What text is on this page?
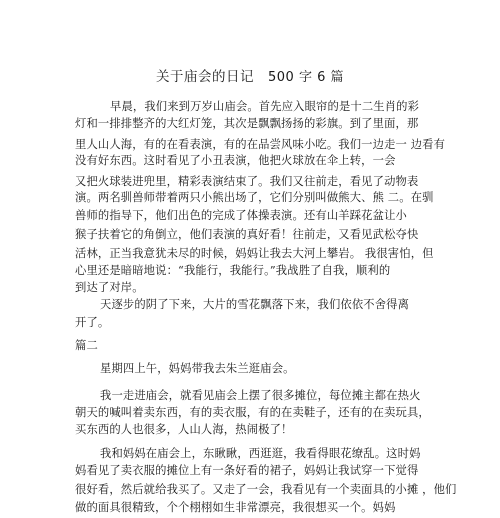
关于庙会的日记 500 字 6 篇
早晨，我们来到万岁山庙会。首先应入眼帘的是十二生肖的彩
灯和一排排整齐的大红灯笼，其次是飘飘扬扬的彩旗。到了里面，那
里人山人海，有的在看表演，有的在品尝风味小吃。我们一边走一 边看有
没有好东西。这时看见了小丑表演，他把火球放在伞上转，一会
又把火球装进兜里，精彩表演结束了。我们又往前走，看见了动物表
演。两名驯兽师带着两只小熊出场了，它们分别叫做熊大、熊 二。在驯
兽师的指导下，他们出色的完成了体操表演。还有山羊踩花盆让小
猴子扶着它的角倒立，他们表演的真好看！往前走，又看见武松夺快
活林，正当我意犹未尽的时候，妈妈让我去大河上攀岩。 我很害怕，但
心里还是暗暗地说：“我能行，我能行。”我战胜了自我，顺利的
到达了对岸。
天逐步的阴了下来，大片的雪花飘落下来，我们依依不舍得离
开了。
篇二
星期四上午，妈妈带我去朱兰逛庙会。
我一走进庙会，就看见庙会上摆了很多摊位，每位摊主都在热火
朝天的喊叫着卖东西，有的卖衣服，有的在卖鞋子，还有的在卖玩具，
买东西的人也很多，人山人海，热闹极了！
我和妈妈在庙会上，东瞅瞅，西逛逛，我看得眼花缭乱。这时妈
妈看见了卖衣服的摊位上有一条好看的裙子，妈妈让我试穿一下觉得
很好看，然后就给我买了。又走了一会，我看见有一个卖面具的小摊 ，他们
做的面具很精致，个个栩栩如生非常漂亮，我很想买一个。妈妈
